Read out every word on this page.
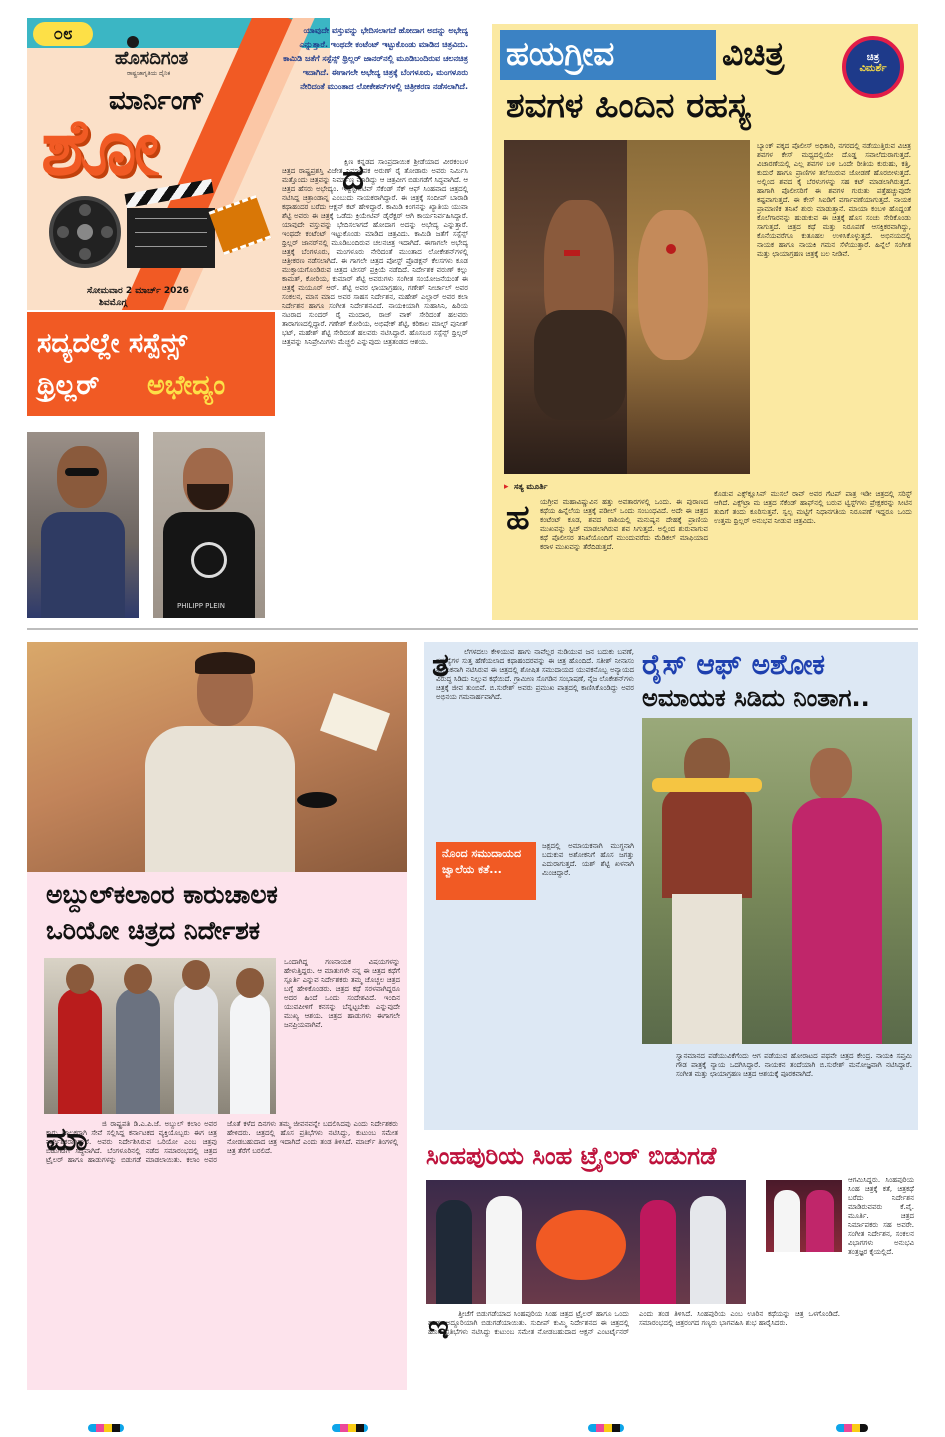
೦೮
ಹೊಸದಿಗಂತ
ರಾಷ್ಟ್ರಜಾಗೃತಿಯ ದೈನಿಕ
ಮಾರ್ನಿಂಗ್
ಶೋ
ಸೋಮವಾರ 2 ಮಾರ್ಚ್ 2026
ಶಿವಮೊಗ್ಗ
ಯಾವುದೇ ವಸ್ತುವನ್ನು ಭೇದಿಸಲಾಗದೆ ಹೋದಾಗ ಅದನ್ನು ಅಭೇದ್ಯ ಎನ್ನುತ್ತಾರೆ. ಇಂಥದೇ ಕಂಟೆಂಟ್ ಇಟ್ಟುಕೊಂಡು ಮಾಡಿದ ಚಿತ್ರವಿದು. ಕಾಮಿಡಿ ಜತೆಗೆ ಸಸ್ಪೆನ್ಸ್ ಥ್ರಿಲ್ಲರ್ ಜಾನರ್‌ನಲ್ಲಿ ಮೂಡಿಬಂದಿರುವ ಚಲನಚಿತ್ರ ಇದಾಗಿದೆ. ಈಗಾಗಲೇ ಅಭೇದ್ಯ ಚಿತ್ರಕ್ಕೆ ಬೆಂಗಳೂರು, ಮಂಗಳೂರು ನೇರಿದಂತೆ ಮುಂತಾದ ಲೋಕೇಶನ್‌ಗಳಲ್ಲಿ ಚಿತ್ರೀಕರಣ ನಡೆಸಲಾಗಿದೆ.
ಸದ್ಯದಲ್ಲೇ ಸಸ್ಪೆನ್ಸ್
ಥ್ರಿಲ್ಲರ್ ಅಭೇದ್ಯಂ
PHILIPP PLEIN
ದ
ಕ್ಷಿಣ ಕನ್ನಡದ ಸಾಂಪ್ರದಾಯಿಕ ಶ್ರೀಡೆಯಾದ ವೀರಕಂಬಳ ಚಿತ್ರದ ರಾಷ್ಟ್ರಪ್ರಶಸ್ತಿ ವಿಜೇತ ನಿರ್ಮಾಪಕ ಅರುಣ್ ರೈ ತೋಡಾರು ಅವರು ನಿರ್ಮಿಸಿ ಮತ್ತೊಂದು ಚಿತ್ರವನ್ನು ನಿರ್ಮಾಣ ಮಾಡಿದ್ದು ಆ ಚಿತ್ರವೀಗ ಬಿಡುಗಡೆಗೆ ಸಿದ್ಧವಾಗಿದೆ. ಆ ಚಿತ್ರದ ಹೆಸರು ಅಭೇದ್ಯಂ. ಇನ್ವೆಸ್ಟಿಗೇಟಿವ್ ಸೆಕೆಂಡ್ ಸೆಕ್ ಆಫ್ ಸಿಂಹವಾದ ಚಿತ್ರದಲ್ಲಿ ನಟಿಸಿದ್ದ ಚಿತ್ರಾಂಡಾನ್ನ ಎಂಬುದು ನಾಯಕರಾಗಿದ್ದಾರೆ. ಈ ಚಿತ್ರಕ್ಕೆ ಸಂದೀಪ್ ಬಾರಾಡಿ ಕಥಾಹಂದರ ಬರೆದು ಆಕ್ಷನ್ ಕಟ್ ಹೇಳಿದ್ದಾರೆ. ಕಾಮಿಡಿ ಕಿಂಗನನ್ನು ಖ್ಯಾತಿಯ ಯುವಾ ಶೆಟ್ಟಿ ಅವರು ಈ ಚಿತ್ರಕ್ಕೆ ಒಡೆದು ಕ್ರಿಯೇಟಿವ್ ಡೈರೆಕ್ಟರ್ ಆಗಿ ಕಾರ್ಯನಿರ್ವಹಿಸಿದ್ದಾರೆ. ಯಾವುದೇ ವಸ್ತುವನ್ನು ಭೇದಿಸಲಾಗದೆ ಹೋದಾಗ ಅದನ್ನು ಅಭೇದ್ಯ ಎನ್ನುತ್ತಾರೆ. ಇಂಥದೇ ಕಂಟೆಂಟ್ ಇಟ್ಟುಕೊಂಡು ಮಾಡಿದ ಚಿತ್ರವಿದು. ಕಾಮಿಡಿ ಜತೆಗೆ ಸಸ್ಪೆನ್ಸ್ ಥ್ರಿಲ್ಲರ್ ಜಾನರ್‌ನಲ್ಲಿ ಮೂಡಿಬಂದಿರುವ ಚಲನಚಿತ್ರ ಇದಾಗಿದೆ. ಈಗಾಗಲೇ ಅಭೇದ್ಯ ಚಿತ್ರಕ್ಕೆ ಬೆಂಗಳೂರು, ಮಂಗಳೂರು ನೇರಿದಂತೆ ಮುಂತಾದ ಲೋಕೇಶನ್‌ಗಳಲ್ಲಿ ಚಿತ್ರೀಕರಣ ನಡೆಸಲಾಗಿದೆ. ಈ ಗಾಗಲೇ ಚಿತ್ರದ ಪೋಸ್ಟ್ ಪ್ರೊಡಕ್ಷನ್ ಕೆಲಸಗಳು ಕೂಡ ಮುಕ್ತಾಯಗೊಂಡಿರುವ ಚಿತ್ರದ ಟೀಸರ್ ಪ್ರಕ್ರಿಯೆ ನಡೆದಿದೆ. ನಿರ್ದೇಶಕ ವರುಣ್ ಕಲ್ಲು ಕಾಮತ್, ಕೋರಿಯ, ಕುಮಾರ್ ಶೆಟ್ಟಿ ಅವರುಗಳು ಸಂಗೀತ ಸಂಯೋಜನೆಯಂತೆ ಈ ಚಿತ್ರಕ್ಕೆ ಮಯೂರ್ ಆರ್. ಶೆಟ್ಟಿ ಅವರ ಛಾಯಾಗ್ರಹಣ, ಗಣೇಶ್ ನೀರ್ಚಾಲ್ ಅವರ ಸಂಕಲನ, ಮಾಸ ಮಾದ ಅವರ ಸಾಹಸ ನಿರ್ದೇಶನ, ಮಹೇಶ್ ಎಲ್ಲಾರ್ ಅವರ ಕಲಾ ನಿರ್ದೇಶನ ಹಾಗೂ ಸಂಗೀತ ನಿರ್ದೇಶನವಿದೆ. ನಾಯಕಿಯಾಗಿ ಸುಹಾಸಿನಿ, ಹಿರಿಯ ನಟರಾದ ಸುಂದರ್ ರೈ ಮಂದಾರ, ರಾಜ್ ವಾಕ್ ಸೇರಿದಂತೆ ಹಲವರು ತಾರಾಗಣದಲ್ಲಿದ್ದಾರೆ. ಗಣೇಶ್ ಕೋರಿಯ, ಅಭಿಷೇಕ್ ಶೆಟ್ಟಿ, ಕರಿಕಾಲ ಮಾಲ್ಟ್ ಪುನೀತ್ ಭಟ್, ಮಹೇಶ್ ಶೆಟ್ಟಿ ಸೇರಿದಂತೆ ಹಲವರು ನಟಿಸಿದ್ದಾರೆ. ಹೊಸಬರ ಸಸ್ಪೆನ್ಸ್ ಥ್ರಿಲ್ಲರ್ ಚಿತ್ರವನ್ನು ಸಿನಿಪ್ರೇಮಿಗಳು ಮೆಚ್ಚಲಿ ಎನ್ನುವುದು ಚಿತ್ರತಂಡದ ಆಶಯ.
ಹಯಗ್ರೀವ	ವಿಚಿತ್ರ
ಶವಗಳ ಹಿಂದಿನ ರಹಸ್ಯ
ಚಿತ್ರ
ವಿಮರ್ಶೆ
▸ ಸತ್ಯ ಮೂರ್ತಿ
ಬ್ಯಾಂಕ್ ಪಕ್ಕದ ಪೊಲೀಸ್ ಅಧಿಕಾರಿ, ನಗರದಲ್ಲಿ ನಡೆಯುತ್ತಿರುವ ವಿಚಿತ್ರ ಶವಗಳ ಕೇಸ್ ಮಧ್ಯದಲ್ಲಿಯೇ ದೊಡ್ಡ ಸವಾಲೆದುರಾಗುತ್ತದೆ. ವಿಚಾರಣೆಯಲ್ಲಿ ಎಲ್ಲ ಶವಗಳ ಬಳಿ ಒಂದೇ ರೀತಿಯ ಕುರುಹು, ಕತ್ತಿ, ಕುದುರೆ ಹಾಗೂ ಪ್ರಾಣಿಗಳ ತಲೆಯಿರುವ ಜೋಡಣೆ ಹೊರಬೀಳುತ್ತದೆ. ಅಲ್ಲಿಂದ ಶವದ ಕೈ ಬೆರಳುಗಳನ್ನು ಸಹ ಕಟ್ ಮಾಡಲಾಗಿರುತ್ತದೆ. ಹಾಗಾಗಿ ಪೊಲೀಸರಿಗೆ ಈ ಶವಗಳ ಗುರುತು ಪತ್ತೆಹಚ್ಚುವುದೇ ಕಷ್ಟವಾಗುತ್ತದೆ. ಈ ಕೇಸ್ ಸಿಐಡಿಗೆ ವರ್ಗಾವಣೆಯಾಗುತ್ತದೆ. ನಾಯಕ ಪ್ರಾಮಾಣಿಕ ತನಿಖೆ ಶುರು ಮಾಡುತ್ತಾನೆ. ಮಾಯಾ ಕಂಬಳಿ ಹೊದ್ದಂತೆ ಕೊಲೆಗಾರನನ್ನು ಹುಡುಕುವ ಈ ಚಿತ್ರಕ್ಕೆ ಹೊಸ ಸಂಚು ಸೇರಿಕೊಂಡು ಸಾಗುತ್ತದೆ. ಚಿತ್ರದ ಕಥೆ ಮತ್ತು ನಿರೂಪಣೆ ಆಸಕ್ತಿಕರವಾಗಿದ್ದು, ಕೊನೆಯವರೆಗೂ ಕುತೂಹಲ ಉಳಿಸಿಕೊಳ್ಳುತ್ತದೆ. ಅಭಿನಯದಲ್ಲಿ ನಾಯಕ ಹಾಗೂ ನಾಯಕಿ ಗಮನ ಸೆಳೆಯುತ್ತಾರೆ. ಹಿನ್ನೆಲೆ ಸಂಗೀತ ಮತ್ತು ಛಾಯಾಗ್ರಹಣ ಚಿತ್ರಕ್ಕೆ ಬಲ ನೀಡಿವೆ.
ಹ ಯಗ್ರೀವ ಮಹಾವಿಷ್ಣುವಿನ ಹತ್ತು ಅವತಾರಗಳಲ್ಲಿ ಒಂದು. ಈ ಪುರಾಣದ ಕಥೆಯ ಹಿನ್ನೆಲೆಯ ಚಿತ್ರಕ್ಕೆ ಪಡೀಲ್ ಒಂದು ಸಂಬಂಧವಿದೆ. ಅದೇ ಈ ಚಿತ್ರದ ಕಂಟೆಂಟ್ ಕೂಡ, ಶವದ ರಾಶಿಯಲ್ಲಿ ಮನುಷ್ಯನ ದೇಹಕ್ಕೆ ಪ್ರಾಣಿಯ ಮುಖವನ್ನು ಸ್ಟಿಚ್ ಮಾಡಲಾಗಿರುವ ಶವ ಸಿಗುತ್ತದೆ. ಅಲ್ಲಿಂದ ಶುರುವಾಗುವ ಕಥೆ ಪೊಲೀಸರ ತನಿಖೆಯೊಂದಿಗೆ ಮುಂದುವರೆದು ಮೆಡಿಕಲ್ ಮಾಫಿಯಾದ ಕರಾಳ ಮುಖವನ್ನು ತೆರೆದಿಡುತ್ತದೆ.
ಕೊಡುವ ಎಕ್ಸ್‌ಕ್ಲೂಸಿವ್ ಮುಸಲೆ ರಾವ್ ಅವರ ಗೆಟಪ್ ಪಾತ್ರ ಇಡೀ ಚಿತ್ರದಲ್ಲಿ ಸರಿಸ್ಟ್ ಆಗಿದೆ. ಎಕ್ಸ್‌ಟ್ರಾ ಮ ಚಿತ್ರದ ಸೆಕೆಂಡ್ ಹಾಫ್‌ನಲ್ಲಿ ಬರುವ ಟ್ವಿಸ್ಟ್‌ಗಳು ಪ್ರೇಕ್ಷಕರನ್ನು ಸೀಟಿನ ತುದಿಗೆ ತಂದು ಕೂರಿಸುತ್ತವೆ. ಸ್ವಲ್ಪ ಮಟ್ಟಿಗೆ ನಿಧಾನಗತಿಯ ನಿರೂಪಣೆ ಇದ್ದರೂ ಒಂದು ಉತ್ತಮ ಥ್ರಿಲ್ಲರ್ ಅನುಭವ ನೀಡುವ ಚಿತ್ರವಿದು.
ಅಬ್ದುಲ್‌ಕಲಾಂರ ಕಾರುಚಾಲಕ
ಒರಿಯೋ ಚಿತ್ರದ ನಿರ್ದೇಶಕ
ಒಂದಾಗಿದ್ದ ಗಣನಾಯಕ ವಿಷಯಗಳನ್ನು ಹೇಳುತ್ತಿದ್ದರು. ಆ ಮಾತುಗಳೇ ನನ್ನ ಈ ಚಿತ್ರದ ಕಥೆಗೆ ಸ್ಪೂರ್ತಿ ಎನ್ನುವ ನಿರ್ದೇಶಕರು ತಮ್ಮ ಚೊಚ್ಚಲ ಚಿತ್ರದ ಬಗ್ಗೆ ಹೇಳಿಕೊಂಡರು. ಚಿತ್ರದ ಕಥೆ ಸರಳವಾಗಿದ್ದರೂ ಅದರ ಹಿಂದೆ ಒಂದು ಸಂದೇಶವಿದೆ. ಇಂದಿನ ಯುವಪೀಳಿಗೆ ಕನಸನ್ನು ಬೆನ್ನಟ್ಟಬೇಕು ಎನ್ನುವುದೇ ಮುಖ್ಯ ಆಶಯ. ಚಿತ್ರದ ಹಾಡುಗಳು ಈಗಾಗಲೇ ಜನಪ್ರಿಯವಾಗಿವೆ.
ಮಾ	ಜಿ ರಾಷ್ಟ್ರಪತಿ ಡಿ.ಎ.ಪಿ.ಜೆ. ಅಬ್ದುಲ್ ಕಲಾಂ ಅವರ ಕಾರು ಚಾಲಕರಾಗಿ ಸೇವೆ ಸಲ್ಲಿಸಿದ್ದ ಕರ್ನಾಟಕದ ವ್ಯಕ್ತಿಯೊಬ್ಬರು ಈಗ ಚಿತ್ರ ನಿರ್ದೇಶಕರಾಗಿದ್ದಾರೆ. ಅವರು ನಿರ್ದೇಶಿಸಿರುವ ಒರಿಯೋ ಎಂಬ ಚಿತ್ರವು ಬಿಡುಗಡೆಗೆ ಸಿದ್ಧವಾಗಿದೆ. ಬೆಂಗಳೂರಿನಲ್ಲಿ ನಡೆದ ಸಮಾರಂಭದಲ್ಲಿ ಚಿತ್ರದ ಟ್ರೈಲರ್ ಹಾಗೂ ಹಾಡುಗಳನ್ನು ಬಿಡುಗಡೆ ಮಾಡಲಾಯಿತು. ಕಲಾಂ ಅವರ ಜೊತೆ ಕಳೆದ ದಿನಗಳು ತಮ್ಮ ಜೀವನವನ್ನೇ ಬದಲಿಸಿದವು ಎಂದು ನಿರ್ದೇಶಕರು ಹೇಳಿದರು. ಚಿತ್ರದಲ್ಲಿ ಹೊಸ ಪ್ರತಿಭೆಗಳು ನಟಿಸಿದ್ದು, ಕುಟುಂಬ ಸಮೇತ ನೋಡಬಹುದಾದ ಚಿತ್ರ ಇದಾಗಿದೆ ಎಂದು ತಂಡ ತಿಳಿಸಿದೆ. ಮಾರ್ಚ್ ತಿಂಗಳಲ್ಲಿ ಚಿತ್ರ ತೆರೆಗೆ ಬರಲಿದೆ.
ತ	ಲೆಗಳದಲು ಕೇಳಿಯುವ ಹಾಗು ನಾವೆಲ್ಲರ ನುಡಿಯುವ ಜನ ಬದುಕು ಬವಣೆ, ಸಮಸ್ಯೆಗಳ ಸುತ್ತ ಹೆಣೆಯಲಾದ ಕಥಾಹಂದರವನ್ನು ಈ ಚಿತ್ರ ಹೊಂದಿದೆ. ಸತೀಶ್ ನೀನಾಸಂ ನಾಯಕನಾಗಿ ನಟಿಸಿರುವ ಈ ಚಿತ್ರದಲ್ಲಿ ಶೋಷಿತ ಸಮುದಾಯದ ಯುವಕನೊಬ್ಬ ಅನ್ಯಾಯದ ವಿರುದ್ಧ ಸಿಡಿದು ನಿಲ್ಲುವ ಕಥೆಯಿದೆ. ಗ್ರಾಮೀಣ ಸೊಗಡಿನ ಸಂಭಾಷಣೆ, ನೈಜ ಲೊಕೇಶನ್‌ಗಳು ಚಿತ್ರಕ್ಕೆ ಜೀವ ತುಂಬಿವೆ. ಬಿ.ಸುರೇಶ್ ಅವರು ಪ್ರಮುಖ ಪಾತ್ರದಲ್ಲಿ ಕಾಣಿಸಿಕೊಂಡಿದ್ದು ಅವರ ಅಭಿನಯ ಗಮನಾರ್ಹವಾಗಿದೆ.
ನೊಂದ ಸಮುದಾಯದ ಜ್ವಾಲೆಯ ಕತೆ...
ಜಕ್ಷದಲ್ಲಿ ಅಮಾಯಕನಾಗಿ ಮುಗ್ಧನಾಗಿ ಬದುಕುವ ಅಶೋಕನಿಗೆ ಹೊಸ ಜಗತ್ತು ಎದುರಾಗುತ್ತದೆ. ಯಶ್ ಶೆಟ್ಟಿ ಖಳನಾಗಿ ಮಿಂಚಿದ್ದಾರೆ.
ರೈಸ್ ಆಫ್ ಅಶೋಕ
ಅಮಾಯಕ ಸಿಡಿದು ನಿಂತಾಗ..
ಸ್ವಾನಮಾನದ ಪಡೆಯುವಿಕೆಗೆಂದು ಆಗ ಪಡೆಯುವ ಹೋರಾಟದ ಪಥವೇ ಚಿತ್ರದ ಕೇಂದ್ರ. ನಾಯಕಿ ಸಪ್ತಮಿ ಗೌಡ ಪಾತ್ರಕ್ಕೆ ನ್ಯಾಯ ಒದಗಿಸಿದ್ದಾರೆ. ನಾಯಕನ ತಂದೆಯಾಗಿ ಬಿ.ಸುರೇಶ್ ಮನೋಜ್ಞವಾಗಿ ನಟಿಸಿದ್ದಾರೆ. ಸಂಗೀತ ಮತ್ತು ಛಾಯಾಗ್ರಹಣ ಚಿತ್ರದ ಆಶಯಕ್ಕೆ ಪೂರಕವಾಗಿದೆ.
ಸಿಂಹಪುರಿಯ ಸಿಂಹ ಟ್ರೈಲರ್ ಬಿಡುಗಡೆ
ಆಗಮಿಸಿದ್ದರು. ಸಿಂಹಪುರಿಯ ಸಿಂಹ ಚಿತ್ರಕ್ಕೆ ಕತೆ, ಚಿತ್ರಕಥೆ ಬರೆದು ನಿರ್ದೇಶನ ಮಾಡಿರುವವರು ಕೆ.ವೈ. ಮೂರ್ತಿ. ಚಿತ್ರದ ನಿರ್ಮಾಪಕರು ಸಹ ಅವರೇ. ಸಂಗೀತ ನಿರ್ದೇಶನ, ಸಂಕಲನ ವಿಭಾಗಗಳು ಅನುಭವಿ ತಂತ್ರಜ್ಞರ ಕೈಯಲ್ಲಿದೆ.
ಇ	ತ್ತೀಚೆಗೆ ಬಿಡುಗಡೆಯಾದ ಸಿಂಹಪುರಿಯ ಸಿಂಹ ಚಿತ್ರದ ಟ್ರೈಲರ್ ಹಾಗೂ ಒಂದು ಹಾಡು ಅದ್ದೂರಿಯಾಗಿ ಬಿಡುಗಡೆಯಾಯಿತು. ಸುದೀಪ್ ಕುಮ್ಮಿ ನಿರ್ದೇಶನದ ಈ ಚಿತ್ರದಲ್ಲಿ ಹೊಸ ಪ್ರತಿಭೆಗಳು ನಟಿಸಿದ್ದು ಕುಟುಂಬ ಸಮೇತ ನೋಡಬಹುದಾದ ಆಕ್ಷನ್ ಎಂಟರ್ಟೈನರ್ ಎಂದು ತಂಡ ತಿಳಿಸಿದೆ. ಸಿಂಹಪುರಿಯ ಎಂಬ ಊರಿನ ಕಥೆಯನ್ನು ಚಿತ್ರ ಒಳಗೊಂಡಿದೆ. ಸಮಾರಂಭದಲ್ಲಿ ಚಿತ್ರರಂಗದ ಗಣ್ಯರು ಭಾಗವಹಿಸಿ ಶುಭ ಹಾರೈಸಿದರು.
